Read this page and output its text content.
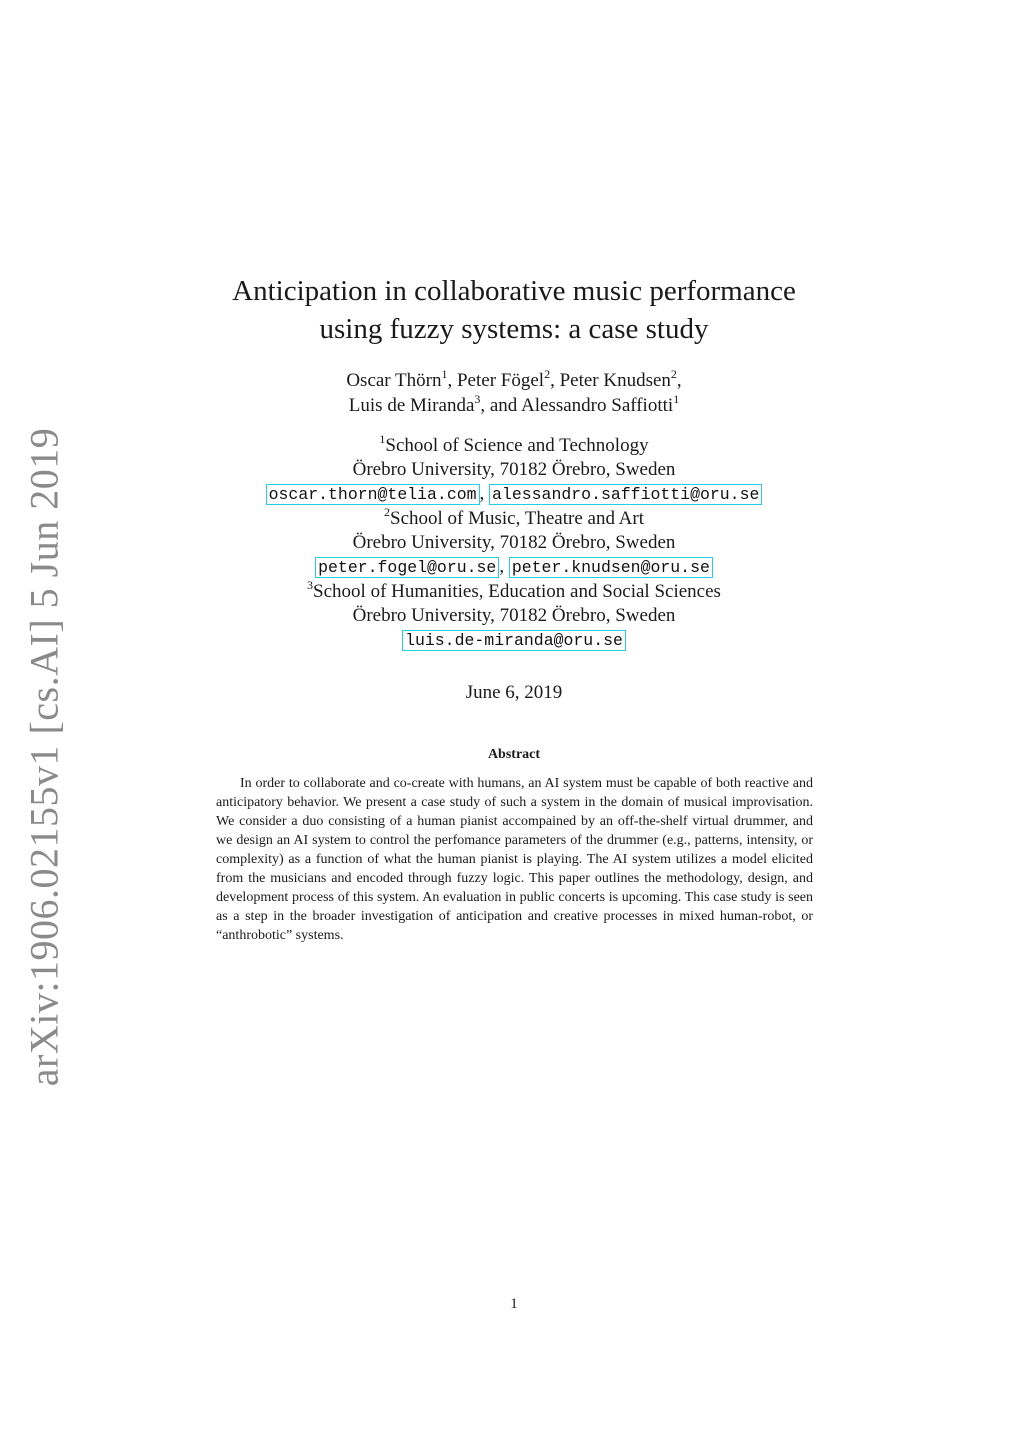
arXiv:1906.02155v1 [cs.AI] 5 Jun 2019
Anticipation in collaborative music performance
using fuzzy systems: a case study
Oscar Thörn$^1$, Peter Fögel$^2$, Peter Knudsen$^2$,
Luis de Miranda$^3$, and Alessandro Saffiotti$^1$
$^1$School of Science and Technology
Örebro University, 70182 Örebro, Sweden
oscar.thorn@telia.com , alessandro.saffiotti@oru.se
$^2$School of Music, Theatre and Art
Örebro University, 70182 Örebro, Sweden
peter.fogel@oru.se , peter.knudsen@oru.se
$^3$School of Humanities, Education and Social Sciences
Örebro University, 70182 Örebro, Sweden
luis.de-miranda@oru.se
June 6, 2019
Abstract

In order to collaborate and co-create with humans, an AI system must be capable of both reactive and anticipatory behavior. We present a case study of such a system in the domain of musical improvisation. We consider a duo consisting of a human pianist accompained by an off-the-shelf virtual drummer, and we design an AI system to control the perfomance parameters of the drummer (e.g., patterns, intensity, or complexity) as a function of what the human pianist is playing. The AI system utilizes a model elicited from the musicians and encoded through fuzzy logic. This paper outlines the methodology, design, and development process of this system. An evaluation in public concerts is upcoming. This case study is seen as a step in the broader investigation of anticipation and creative processes in mixed human-robot, or “anthrobotic” systems.

1
